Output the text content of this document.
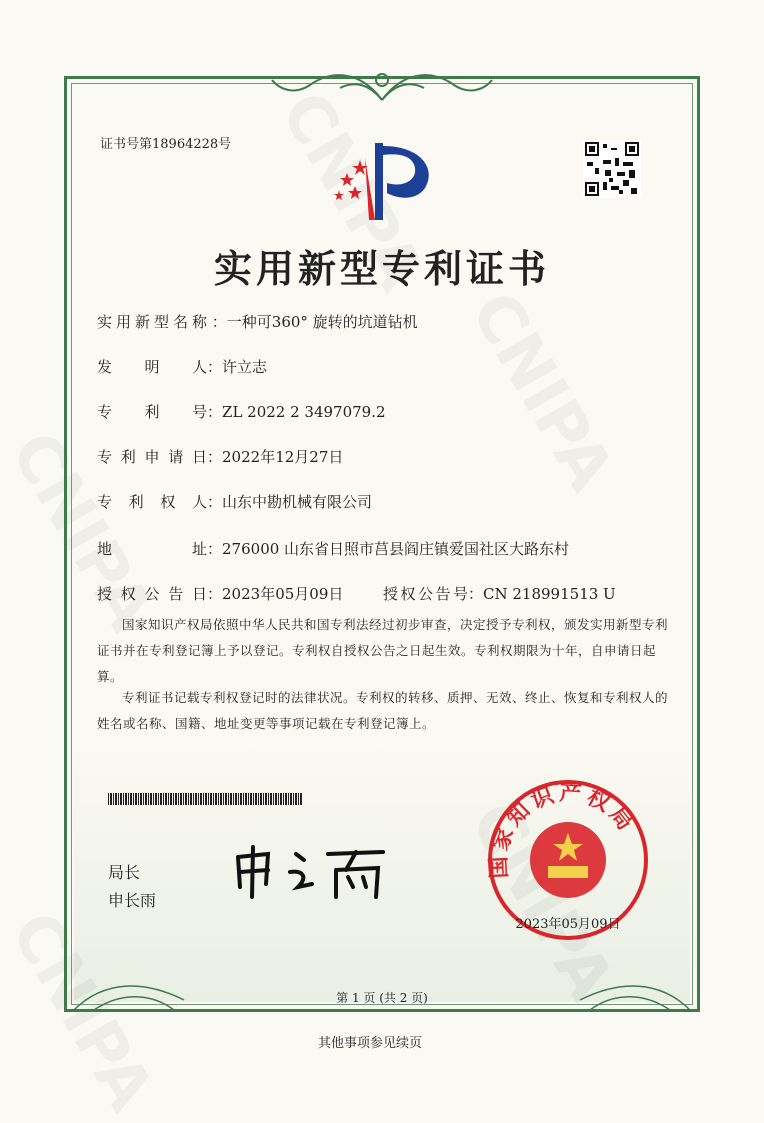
证书号第18964228号
实用新型专利证书
实用新型名称 ：一种可360° 旋转的坑道钻机
发明人：许立志
专利号：ZL 2022 2 3497079.2
专利申请日：2022年12月27日
专利权人：山东中勘机械有限公司
地址：276000 山东省日照市莒县阎庄镇爱国社区大路东村
授权公告日：2023年05月09日	授权公告号：CN 218991513 U
国家知识产权局依照中华人民共和国专利法经过初步审查，决定授予专利权，颁发实用新型专利证书并在专利登记簿上予以登记。专利权自授权公告之日起生效。专利权期限为十年，自申请日起算。
专利证书记载专利权登记时的法律状况。专利权的转移、质押、无效、终止、恢复和专利权人的姓名或名称、国籍、地址变更等事项记载在专利登记簿上。
局长
申长雨
国家知识产权局
2023年05月09日
第 1 页 (共 2 页)
其他事项参见续页
